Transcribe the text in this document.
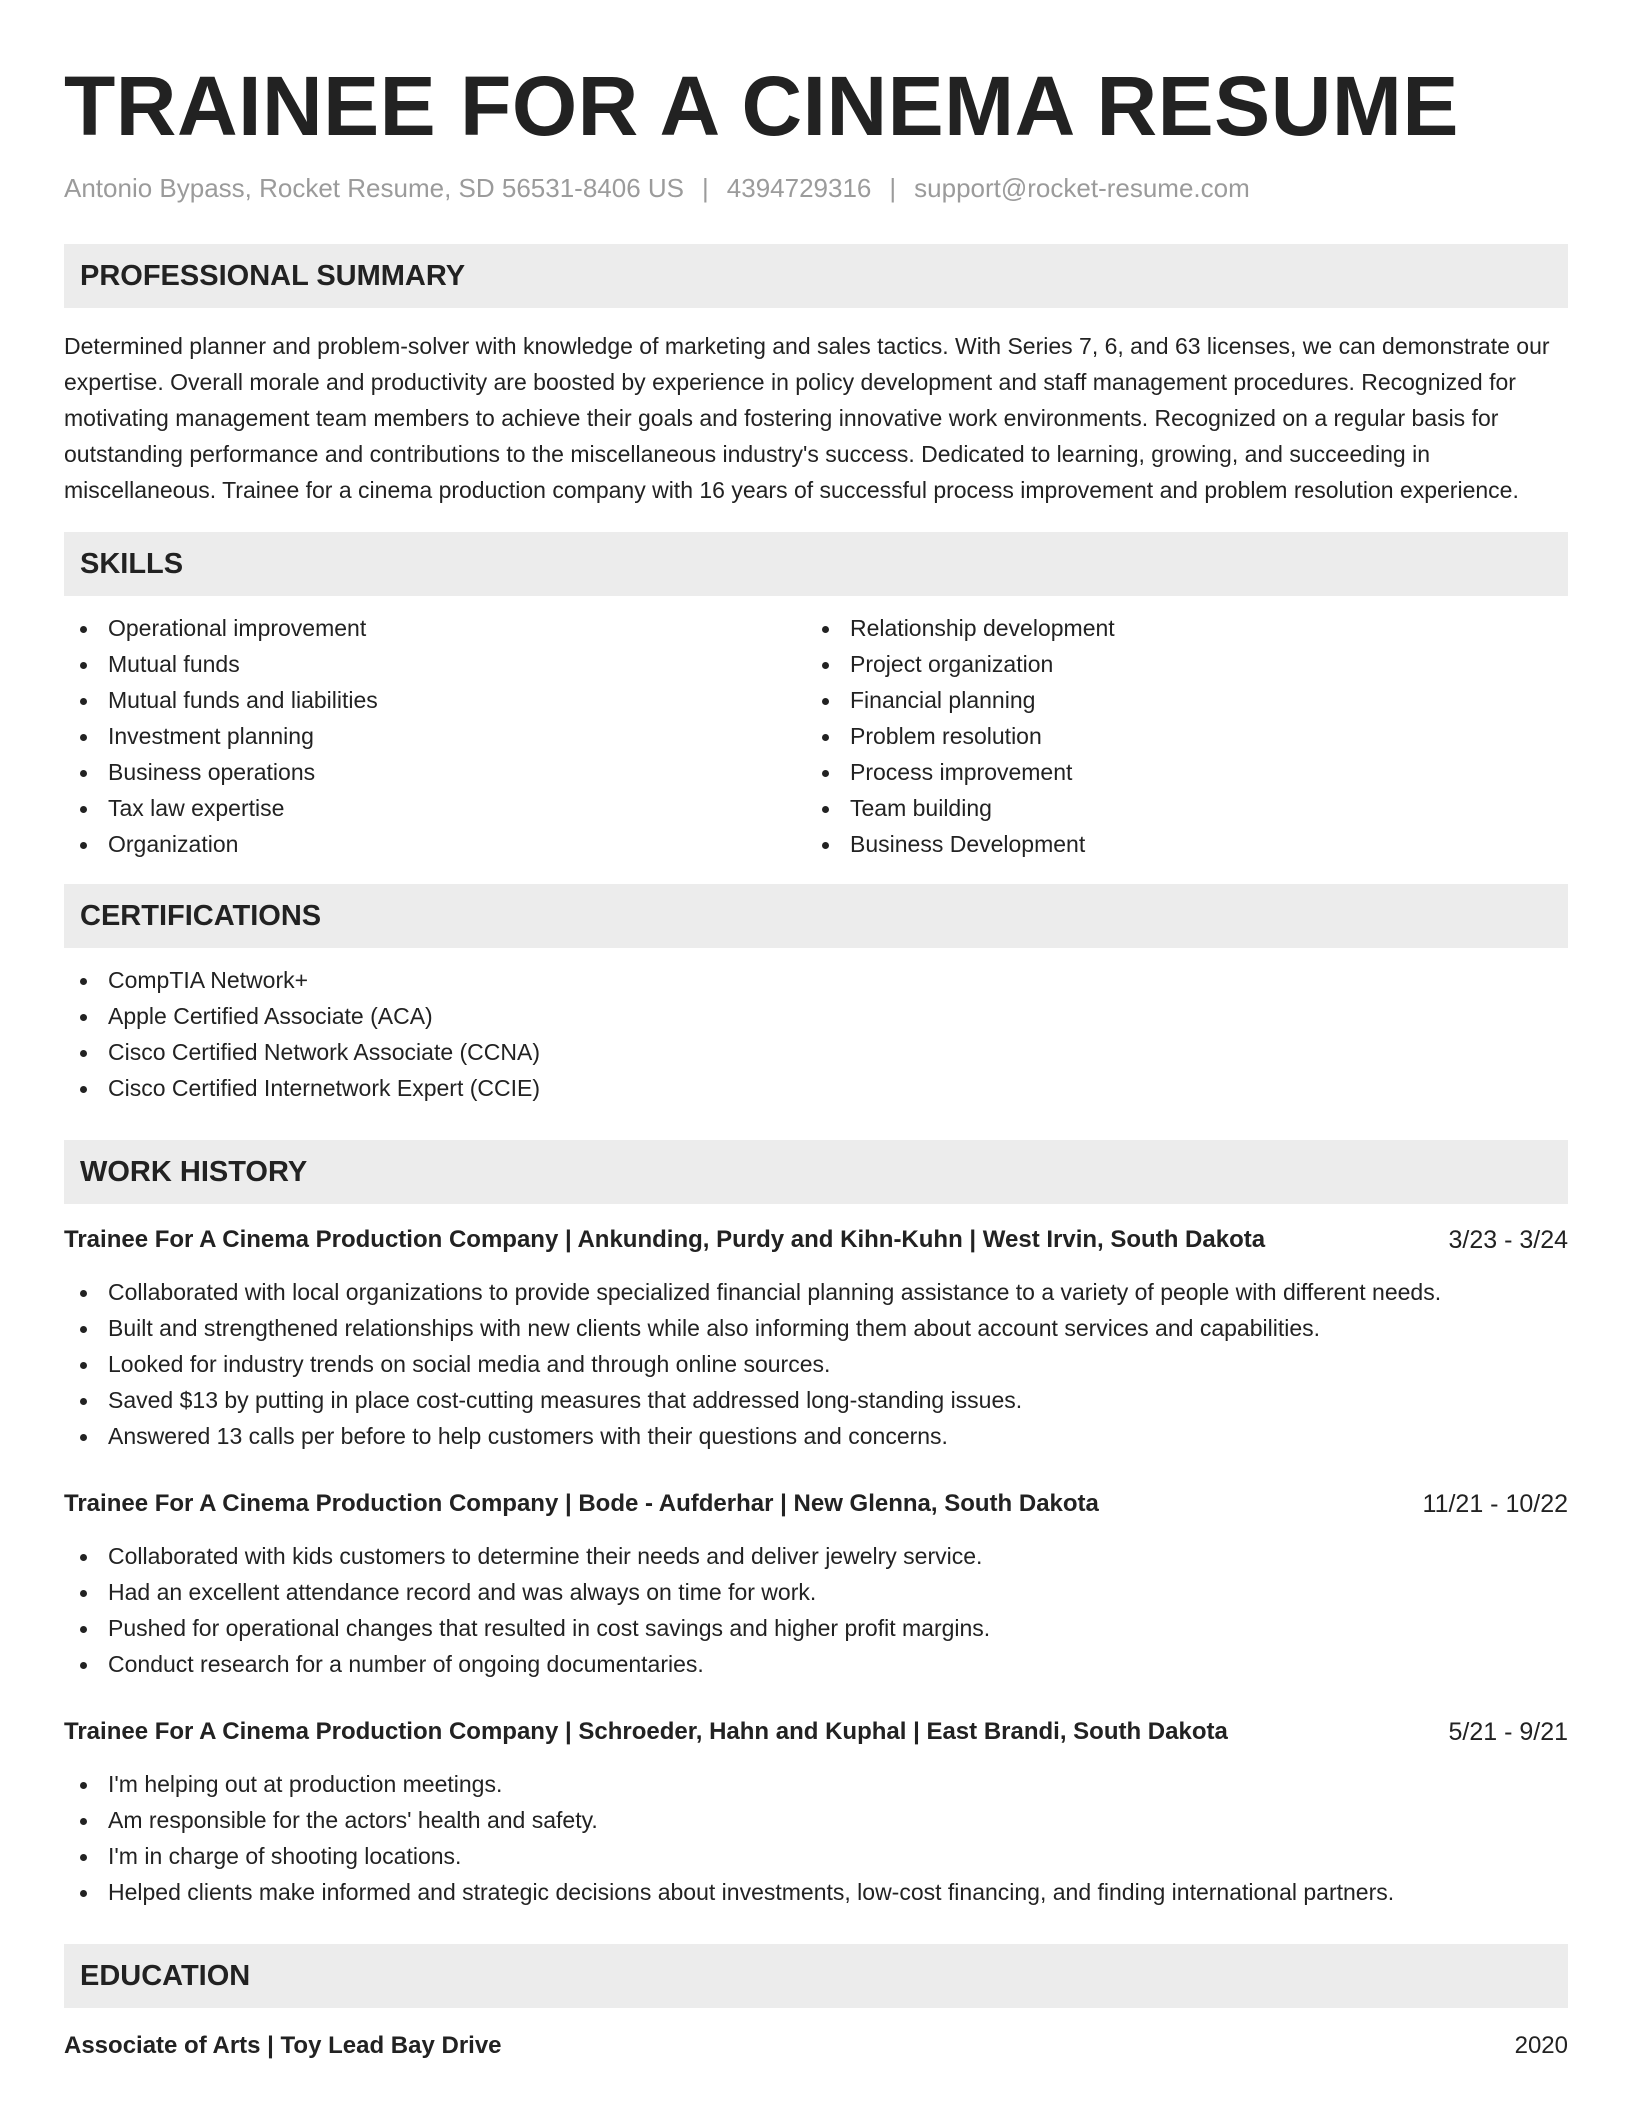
TRAINEE FOR A CINEMA RESUME
Antonio Bypass, Rocket Resume, SD 56531-8406 US | 4394729316 | support@rocket-resume.com
PROFESSIONAL SUMMARY

Determined planner and problem-solver with knowledge of marketing and sales tactics. With Series 7, 6, and 63 licenses, we can demonstrate our expertise. Overall morale and productivity are boosted by experience in policy development and staff management procedures. Recognized for motivating management team members to achieve their goals and fostering innovative work environments. Recognized on a regular basis for outstanding performance and contributions to the miscellaneous industry's success. Dedicated to learning, growing, and succeeding in miscellaneous. Trainee for a cinema production company with 16 years of successful process improvement and problem resolution experience.

SKILLS
Operational improvement
Mutual funds
Mutual funds and liabilities
Investment planning
Business operations
Tax law expertise
Organization
Relationship development
Project organization
Financial planning
Problem resolution
Process improvement
Team building
Business Development
CERTIFICATIONS
CompTIA Network+
Apple Certified Associate (ACA)
Cisco Certified Network Associate (CCNA)
Cisco Certified Internetwork Expert (CCIE)
WORK HISTORY
Trainee For A Cinema Production Company | Ankunding, Purdy and Kihn-Kuhn | West Irvin, South Dakota	3/23 - 3/24
Collaborated with local organizations to provide specialized financial planning assistance to a variety of people with different needs.
Built and strengthened relationships with new clients while also informing them about account services and capabilities.
Looked for industry trends on social media and through online sources.
Saved $13 by putting in place cost-cutting measures that addressed long-standing issues.
Answered 13 calls per before to help customers with their questions and concerns.
Trainee For A Cinema Production Company | Bode - Aufderhar | New Glenna, South Dakota	11/21 - 10/22
Collaborated with kids customers to determine their needs and deliver jewelry service.
Had an excellent attendance record and was always on time for work.
Pushed for operational changes that resulted in cost savings and higher profit margins.
Conduct research for a number of ongoing documentaries.
Trainee For A Cinema Production Company | Schroeder, Hahn and Kuphal | East Brandi, South Dakota	5/21 - 9/21
I'm helping out at production meetings.
Am responsible for the actors' health and safety.
I'm in charge of shooting locations.
Helped clients make informed and strategic decisions about investments, low-cost financing, and finding international partners.
EDUCATION
Associate of Arts | Toy Lead Bay Drive	2020
